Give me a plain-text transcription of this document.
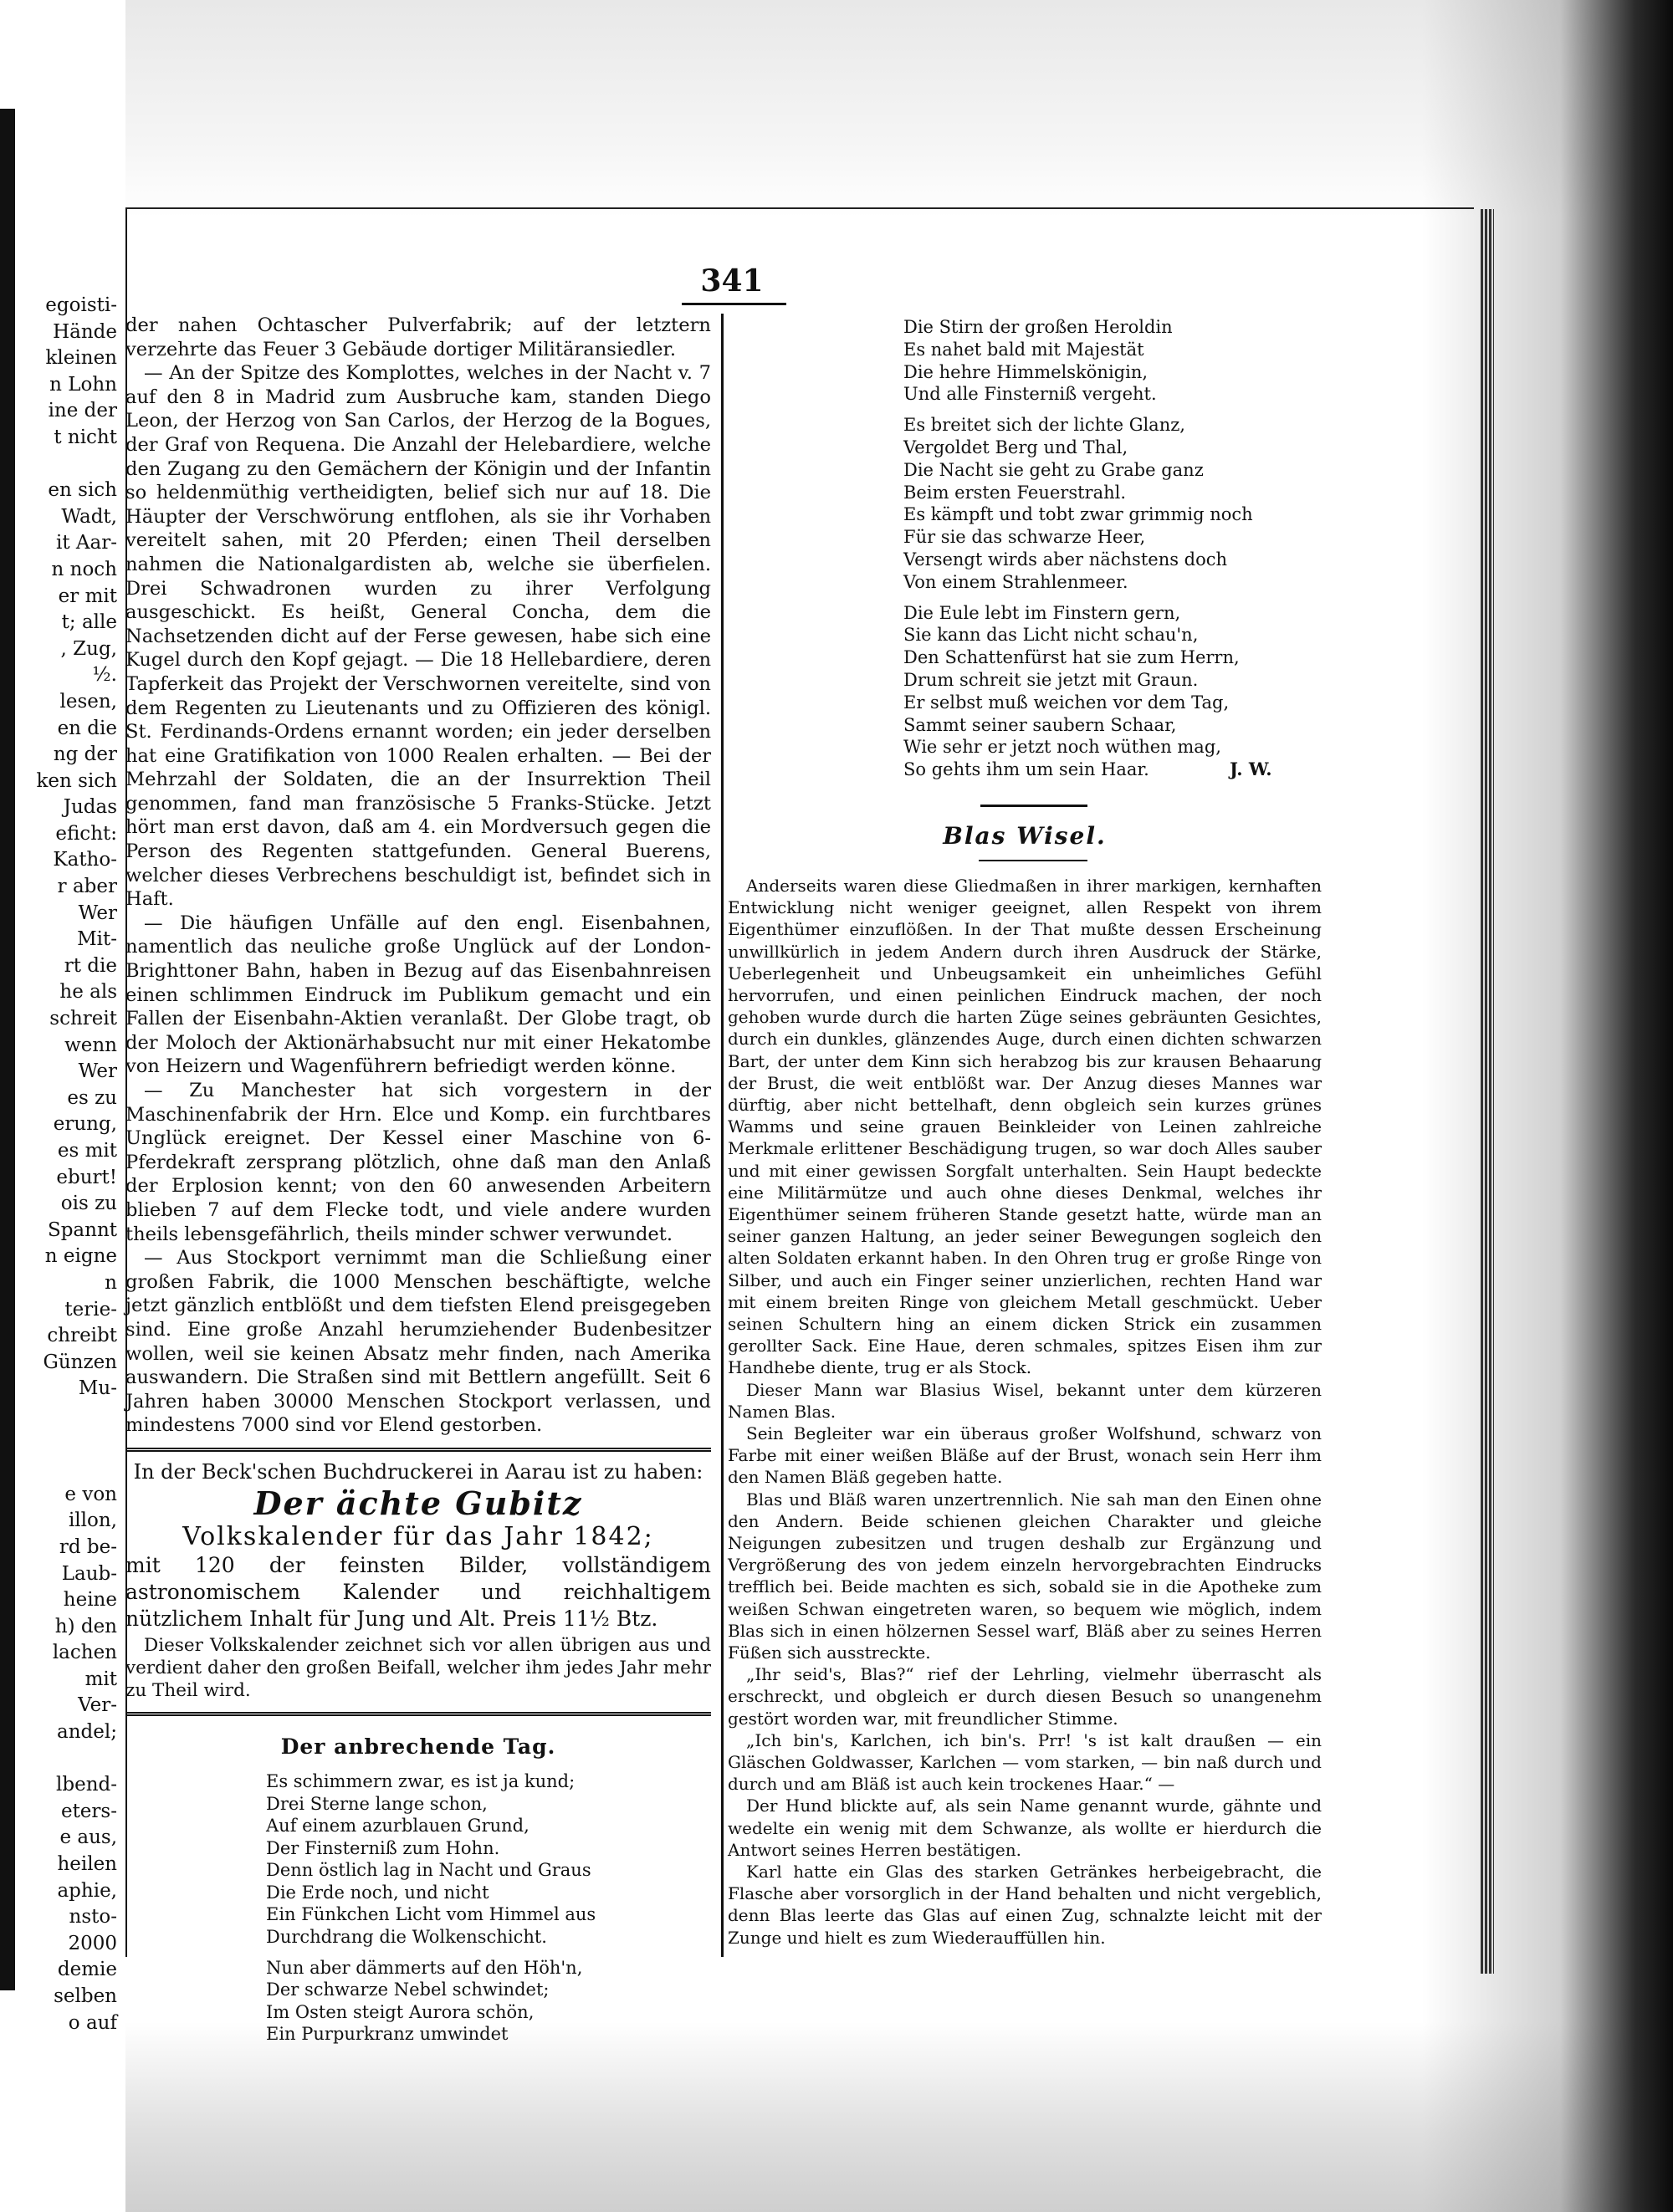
egoisti-
Hände
kleinen
n Lohn
ine der
t nicht

en sich
Wadt,
it Aar-
n noch
er mit
t; alle
, Zug,
½.
lesen,
en die
ng der
ken sich
Judas
eficht:
Katho-
r aber
Wer
Mit-
rt die
he als
schreit
wenn
Wer
es zu
erung,
es mit
eburt!
ois zu
Spannt
n eigne
n
terie-
chreibt
Günzen
Mu-

e von
illon,
rd be-
Laub-
heine
h) den
lachen
mit
Ver-
andel;

lbend-
eters-
e aus,
heilen
aphie,
nsto-
2000
demie
selben
o auf
341

der nahen Ochtascher Pulverfabrik; auf der letztern verzehrte das Feuer 3 Gebäude dortiger Militäransiedler.

— An der Spitze des Komplottes, welches in der Nacht v. 7 auf den 8 in Madrid zum Ausbruche kam, standen Diego Leon, der Herzog von San Carlos, der Herzog de la Bogues, der Graf von Requena. Die Anzahl der Helebardiere, welche den Zugang zu den Gemächern der Königin und der Infantin so heldenmüthig vertheidigten, belief sich nur auf 18. Die Häupter der Verschwörung entflohen, als sie ihr Vorhaben vereitelt sahen, mit 20 Pferden; einen Theil derselben nahmen die Nationalgardisten ab, welche sie überfielen. Drei Schwadronen wurden zu ihrer Verfolgung ausgeschickt. Es heißt, General Concha, dem die Nachsetzenden dicht auf der Ferse gewesen, habe sich eine Kugel durch den Kopf gejagt. — Die 18 Hellebardiere, deren Tapferkeit das Projekt der Verschwornen vereitelte, sind von dem Regenten zu Lieutenants und zu Offizieren des königl. St. Ferdinands-Ordens ernannt worden; ein jeder derselben hat eine Gratifikation von 1000 Realen erhalten. — Bei der Mehrzahl der Soldaten, die an der Insurrektion Theil genommen, fand man französische 5 Franks-Stücke. Jetzt hört man erst davon, daß am 4. ein Mordversuch gegen die Person des Regenten stattgefunden. General Buerens, welcher dieses Verbrechens beschuldigt ist, befindet sich in Haft.

— Die häufigen Unfälle auf den engl. Eisenbahnen, namentlich das neuliche große Unglück auf der London-Brighttoner Bahn, haben in Bezug auf das Eisenbahnreisen einen schlimmen Eindruck im Publikum gemacht und ein Fallen der Eisenbahn-Aktien veranlaßt. Der Globe tragt, ob der Moloch der Aktionärhabsucht nur mit einer Hekatombe von Heizern und Wagenführern befriedigt werden könne.

— Zu Manchester hat sich vorgestern in der Maschinenfabrik der Hrn. Elce und Komp. ein furchtbares Unglück ereignet. Der Kessel einer Maschine von 6-Pferdekraft zersprang plötzlich, ohne daß man den Anlaß der Erplosion kennt; von den 60 anwesenden Arbeitern blieben 7 auf dem Flecke todt, und viele andere wurden theils lebensgefährlich, theils minder schwer verwundet.

— Aus Stockport vernimmt man die Schließung einer großen Fabrik, die 1000 Menschen beschäftigte, welche jetzt gänzlich entblößt und dem tiefsten Elend preisgegeben sind. Eine große Anzahl herumziehender Budenbesitzer wollen, weil sie keinen Absatz mehr finden, nach Amerika auswandern. Die Straßen sind mit Bettlern angefüllt. Seit 6 Jahren haben 30000 Menschen Stockport verlassen, und mindestens 7000 sind vor Elend gestorben.

In der Beck'schen Buchdruckerei in Aarau ist zu haben:
Der ächte Gubitz
Volkskalender für das Jahr 1842;
mit 120 der feinsten Bilder, vollständigem astronomischem Kalender und reichhaltigem nützlichem Inhalt für Jung und Alt. Preis 11½ Btz.
Dieser Volkskalender zeichnet sich vor allen übrigen aus und verdient daher den großen Beifall, welcher ihm jedes Jahr mehr zu Theil wird.
Der anbrechende Tag.
Es schimmern zwar, es ist ja kund;
Drei Sterne lange schon,
Auf einem azurblauen Grund,
Der Finsterniß zum Hohn.
Denn östlich lag in Nacht und Graus
Die Erde noch, und nicht
Ein Fünkchen Licht vom Himmel aus
Durchdrang die Wolkenschicht.
Nun aber dämmerts auf den Höh'n,
Der schwarze Nebel schwindet;
Im Osten steigt Aurora schön,
Ein Purpurkranz umwindet
Die Stirn der großen Heroldin
Es nahet bald mit Majestät
Die hehre Himmelskönigin,
Und alle Finsterniß vergeht.
Es breitet sich der lichte Glanz,
Vergoldet Berg und Thal,
Die Nacht sie geht zu Grabe ganz
Beim ersten Feuerstrahl.
Es kämpft und tobt zwar grimmig noch
Für sie das schwarze Heer,
Versengt wirds aber nächstens doch
Von einem Strahlenmeer.
Die Eule lebt im Finstern gern,
Sie kann das Licht nicht schau'n,
Den Schattenfürst hat sie zum Herrn,
Drum schreit sie jetzt mit Graun.
Er selbst muß weichen vor dem Tag,
Sammt seiner saubern Schaar,
Wie sehr er jetzt noch wüthen mag,
So gehts ihm um sein Haar.	J. W.
Blas Wisel.

Anderseits waren diese Gliedmaßen in ihrer markigen, kernhaften Entwicklung nicht weniger geeignet, allen Respekt von ihrem Eigenthümer einzuflößen. In der That mußte dessen Erscheinung unwillkürlich in jedem Andern durch ihren Ausdruck der Stärke, Ueberlegenheit und Unbeugsamkeit ein unheimliches Gefühl hervorrufen, und einen peinlichen Eindruck machen, der noch gehoben wurde durch die harten Züge seines gebräunten Gesichtes, durch ein dunkles, glänzendes Auge, durch einen dichten schwarzen Bart, der unter dem Kinn sich herabzog bis zur krausen Behaarung der Brust, die weit entblößt war. Der Anzug dieses Mannes war dürftig, aber nicht bettelhaft, denn obgleich sein kurzes grünes Wamms und seine grauen Beinkleider von Leinen zahlreiche Merkmale erlittener Beschädigung trugen, so war doch Alles sauber und mit einer gewissen Sorgfalt unterhalten. Sein Haupt bedeckte eine Militärmütze und auch ohne dieses Denkmal, welches ihr Eigenthümer seinem früheren Stande gesetzt hatte, würde man an seiner ganzen Haltung, an jeder seiner Bewegungen sogleich den alten Soldaten erkannt haben. In den Ohren trug er große Ringe von Silber, und auch ein Finger seiner unzierlichen, rechten Hand war mit einem breiten Ringe von gleichem Metall geschmückt. Ueber seinen Schultern hing an einem dicken Strick ein zusammen gerollter Sack. Eine Haue, deren schmales, spitzes Eisen ihm zur Handhebe diente, trug er als Stock.

Dieser Mann war Blasius Wisel, bekannt unter dem kürzeren Namen Blas.

Sein Begleiter war ein überaus großer Wolfshund, schwarz von Farbe mit einer weißen Bläße auf der Brust, wonach sein Herr ihm den Namen Bläß gegeben hatte.

Blas und Bläß waren unzertrennlich. Nie sah man den Einen ohne den Andern. Beide schienen gleichen Charakter und gleiche Neigungen zubesitzen und trugen deshalb zur Ergänzung und Vergrößerung des von jedem einzeln hervorgebrachten Eindrucks trefflich bei. Beide machten es sich, sobald sie in die Apotheke zum weißen Schwan eingetreten waren, so bequem wie möglich, indem Blas sich in einen hölzernen Sessel warf, Bläß aber zu seines Herren Füßen sich ausstreckte.

„Ihr seid's, Blas?“ rief der Lehrling, vielmehr überrascht als erschreckt, und obgleich er durch diesen Besuch so unangenehm gestört worden war, mit freundlicher Stimme.

„Ich bin's, Karlchen, ich bin's. Prr! 's ist kalt draußen — ein Gläschen Goldwasser, Karlchen — vom starken, — bin naß durch und durch und am Bläß ist auch kein trockenes Haar.“ —

Der Hund blickte auf, als sein Name genannt wurde, gähnte und wedelte ein wenig mit dem Schwanze, als wollte er hierdurch die Antwort seines Herren bestätigen.

Karl hatte ein Glas des starken Getränkes herbeigebracht, die Flasche aber vorsorglich in der Hand behalten und nicht vergeblich, denn Blas leerte das Glas auf einen Zug, schnalzte leicht mit der Zunge und hielt es zum Wiederauffüllen hin.
